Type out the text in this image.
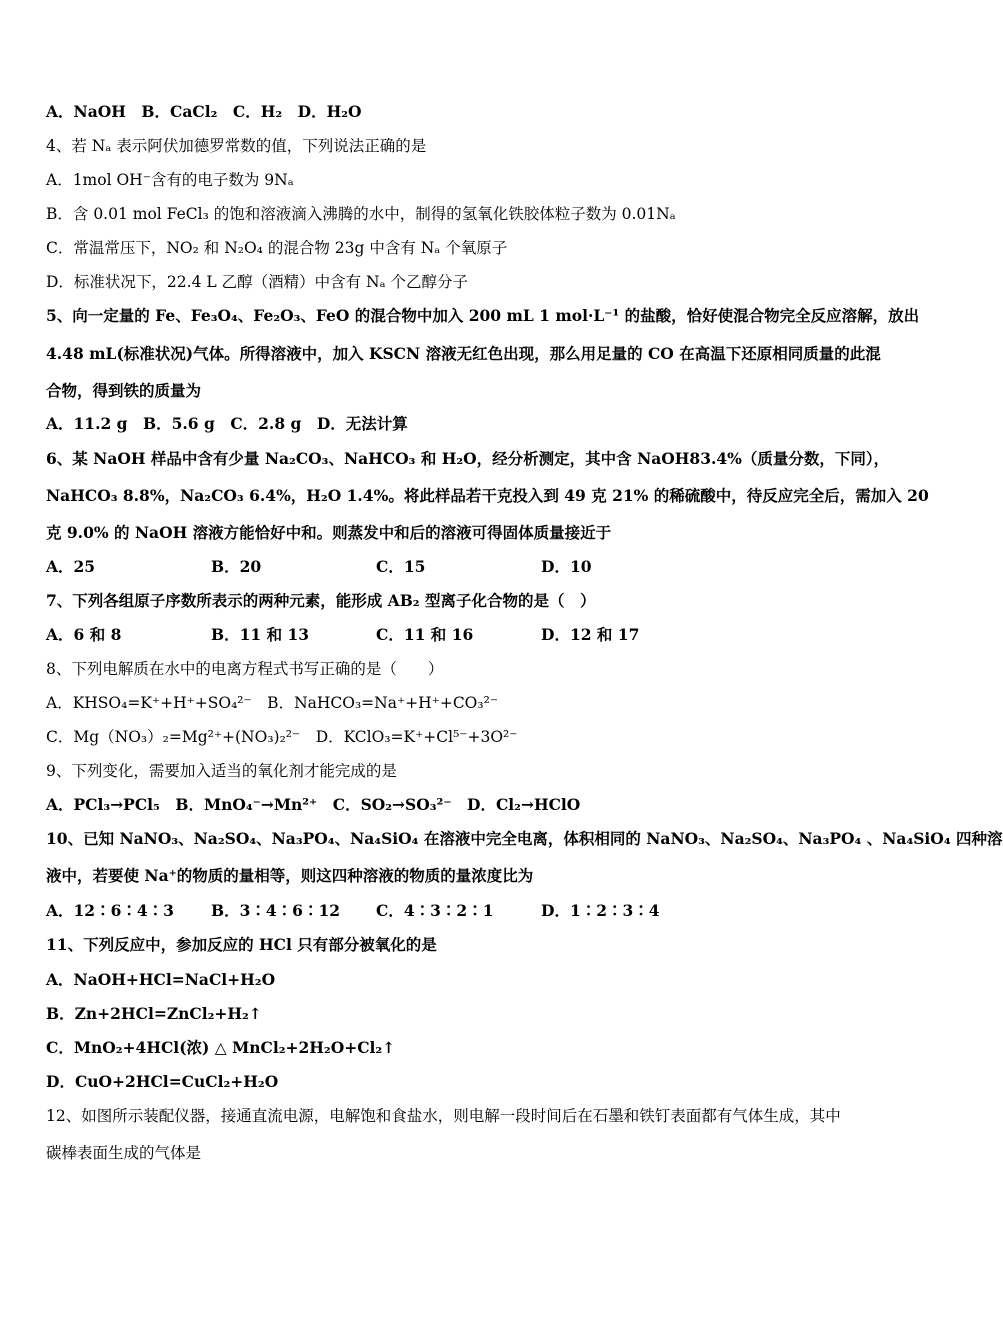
A．NaOH　B．CaCl₂　C．H₂　D．H₂O
4、若 Nₐ 表示阿伏加德罗常数的值，下列说法正确的是
A．1mol OH⁻含有的电子数为 9Nₐ
B．含 0.01 mol FeCl₃ 的饱和溶液滴入沸腾的水中，制得的氢氧化铁胶体粒子数为 0.01Nₐ
C．常温常压下，NO₂ 和 N₂O₄ 的混合物 23g 中含有 Nₐ 个氧原子
D．标准状况下，22.4 L 乙醇（酒精）中含有 Nₐ 个乙醇分子
5、向一定量的 Fe、Fe₃O₄、Fe₂O₃、FeO 的混合物中加入 200 mL 1 mol·L⁻¹ 的盐酸，恰好使混合物完全反应溶解，放出
4.48 mL(标准状况)气体。所得溶液中，加入 KSCN 溶液无红色出现，那么用足量的 CO 在高温下还原相同质量的此混
合物，得到铁的质量为
A．11.2 g　B．5.6 g　C．2.8 g　D．无法计算
6、某 NaOH 样品中含有少量 Na₂CO₃、NaHCO₃ 和 H₂O，经分析测定，其中含 NaOH83.4%（质量分数，下同），
NaHCO₃ 8.8%，Na₂CO₃ 6.4%，H₂O 1.4%。将此样品若干克投入到 49 克 21% 的稀硫酸中，待反应完全后，需加入 20
克 9.0% 的 NaOH 溶液方能恰好中和。则蒸发中和后的溶液可得固体质量接近于
A．25	B．20	C．15	D．10
7、下列各组原子序数所表示的两种元素，能形成 AB₂ 型离子化合物的是（　）
A．6 和 8	B．11 和 13	C．11 和 16	D．12 和 17
8、下列电解质在水中的电离方程式书写正确的是（　　）
A．KHSO₄=K⁺+H⁺+SO₄²⁻　B．NaHCO₃=Na⁺+H⁺+CO₃²⁻
C．Mg（NO₃）₂=Mg²⁺+(NO₃)₂²⁻　D．KClO₃=K⁺+Cl⁵⁻+3O²⁻
9、下列变化，需要加入适当的氧化剂才能完成的是
A．PCl₃→PCl₅　B．MnO₄⁻→Mn²⁺　C．SO₂→SO₃²⁻　D．Cl₂→HClO
10、已知 NaNO₃、Na₂SO₄、Na₃PO₄、Na₄SiO₄ 在溶液中完全电离，体积相同的 NaNO₃、Na₂SO₄、Na₃PO₄ 、Na₄SiO₄ 四种溶
液中，若要使 Na⁺的物质的量相等，则这四种溶液的物质的量浓度比为
A．12∶6∶4∶3 B．3∶4∶6∶12 C．4∶3∶2∶1	D．1∶2∶3∶4
11、下列反应中，参加反应的 HCl 只有部分被氧化的是
A．NaOH+HCl=NaCl+H₂O
B．Zn+2HCl=ZnCl₂+H₂↑
C．MnO₂+4HCl(浓) △ MnCl₂+2H₂O+Cl₂↑
D．CuO+2HCl=CuCl₂+H₂O
12、如图所示装配仪器，接通直流电源，电解饱和食盐水，则电解一段时间后在石墨和铁钉表面都有气体生成，其中
碳棒表面生成的气体是
